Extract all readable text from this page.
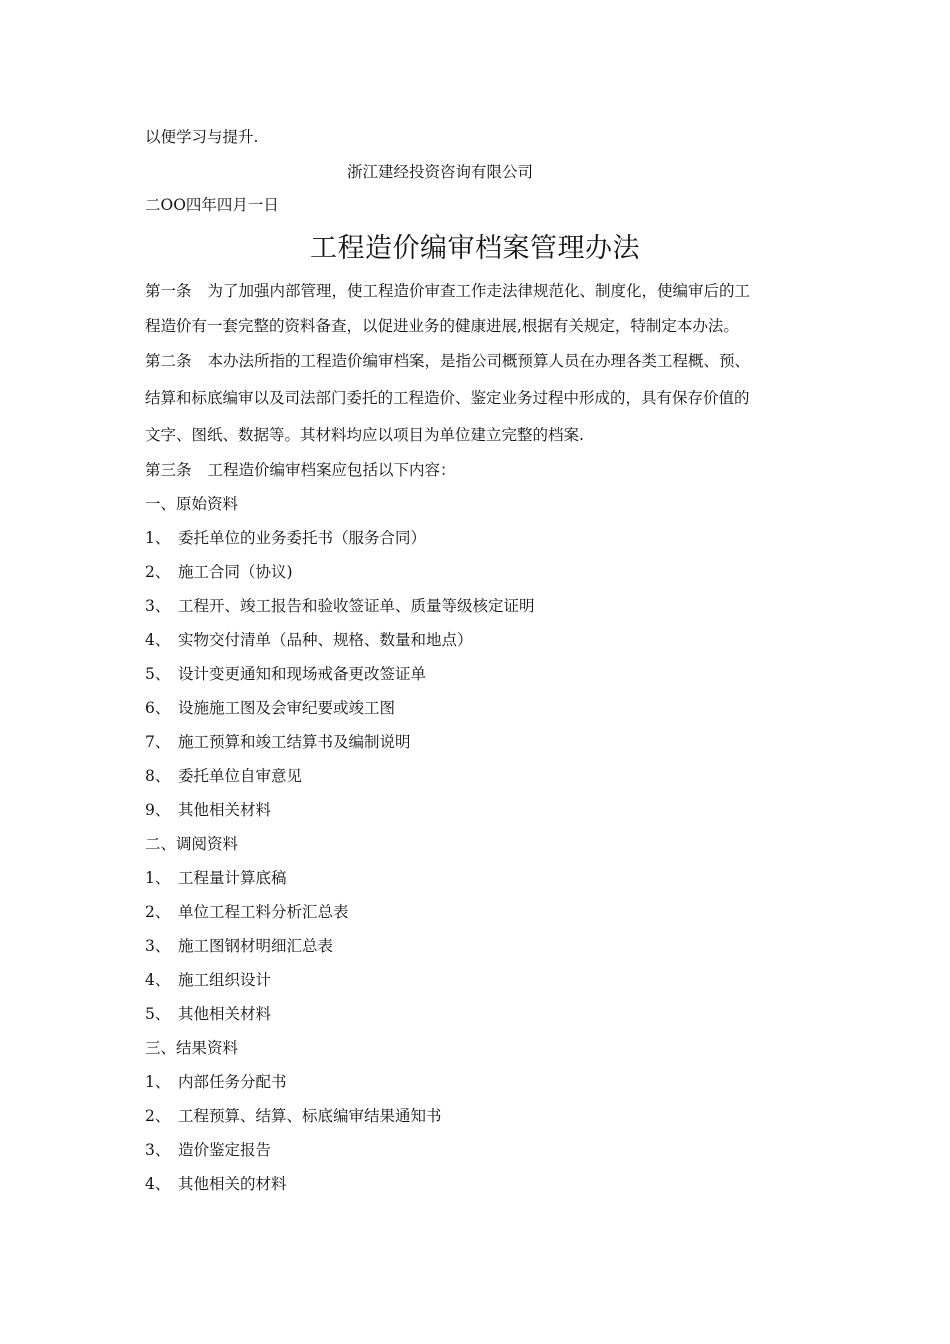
以便学习与提升.
浙江建经投资咨询有限公司
二OO四年四月一日
工程造价编审档案管理办法
第一条 为了加强内部管理，使工程造价审查工作走法律规范化、制度化，使编审后的工
程造价有一套完整的资料备查，以促进业务的健康进展,根据有关规定，特制定本办法。
第二条 本办法所指的工程造价编审档案，是指公司概预算人员在办理各类工程概、预、
结算和标底编审以及司法部门委托的工程造价、鉴定业务过程中形成的，具有保存价值的
文字、图纸、数据等。其材料均应以项目为单位建立完整的档案.
第三条 工程造价编审档案应包括以下内容：
一、原始资料
1、 委托单位的业务委托书（服务合同）
2、 施工合同（协议)
3、 工程开、竣工报告和验收签证单、质量等级核定证明
4、 实物交付清单（品种、规格、数量和地点）
5、 设计变更通知和现场戒备更改签证单
6、 设施施工图及会审纪要或竣工图
7、 施工预算和竣工结算书及编制说明
8、 委托单位自审意见
9、 其他相关材料
二、调阅资料
1、 工程量计算底稿
2、 单位工程工料分析汇总表
3、 施工图钢材明细汇总表
4、 施工组织设计
5、 其他相关材料
三、结果资料
1、 内部任务分配书
2、 工程预算、结算、标底编审结果通知书
3、 造价鉴定报告
4、 其他相关的材料
